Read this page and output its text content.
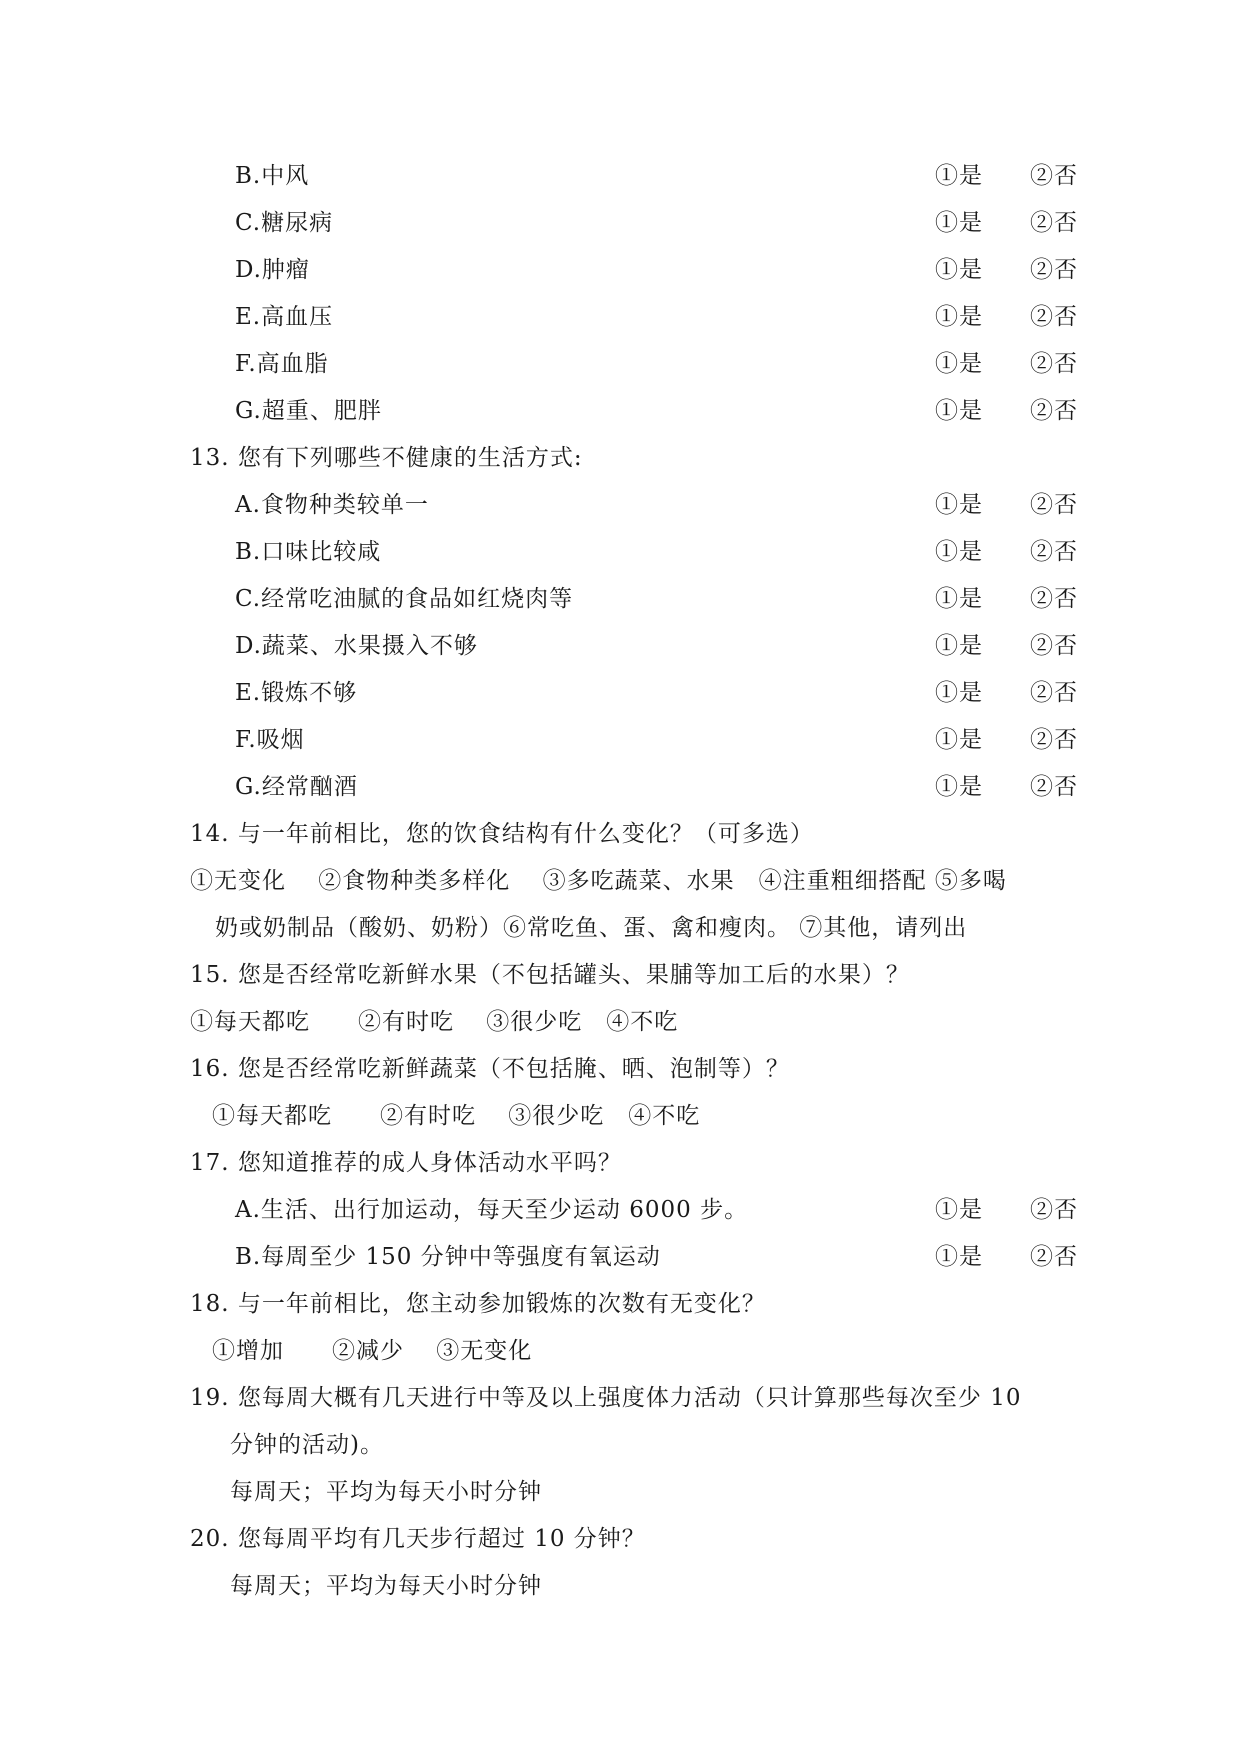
B.中风	①是 ②否
C.糖尿病	①是 ②否
D.肿瘤	①是 ②否
E.高血压	①是 ②否
F.高血脂	①是 ②否
G.超重、肥胖	①是 ②否
13. 您有下列哪些不健康的生活方式:
A.食物种类较单一	①是 ②否
B.口味比较咸	①是 ②否
C.经常吃油腻的食品如红烧肉等	①是 ②否
D.蔬菜、水果摄入不够	①是 ②否
E.锻炼不够	①是 ②否
F.吸烟	①是 ②否
G.经常酗酒	①是 ②否
14. 与一年前相比，您的饮食结构有什么变化？（可多选）
①无变化　 ②食物种类多样化　 ③多吃蔬菜、水果　④注重粗细搭配 ⑤多喝
奶或奶制品（酸奶、奶粉）⑥常吃鱼、蛋、禽和瘦肉。 ⑦其他，请列出
15. 您是否经常吃新鲜水果（不包括罐头、果脯等加工后的水果）？
①每天都吃　　②有时吃　 ③很少吃　④不吃
16. 您是否经常吃新鲜蔬菜（不包括腌、晒、泡制等）？
①每天都吃　　②有时吃　 ③很少吃　④不吃
17. 您知道推荐的成人身体活动水平吗？
A.生活、出行加运动，每天至少运动 6000 步。	①是 ②否
B.每周至少 150 分钟中等强度有氧运动	①是 ②否
18. 与一年前相比，您主动参加锻炼的次数有无变化？
①增加　　②减少　 ③无变化
19. 您每周大概有几天进行中等及以上强度体力活动（只计算那些每次至少 10
分钟的活动)。
每周天；平均为每天小时分钟
20. 您每周平均有几天步行超过 10 分钟？
每周天；平均为每天小时分钟
